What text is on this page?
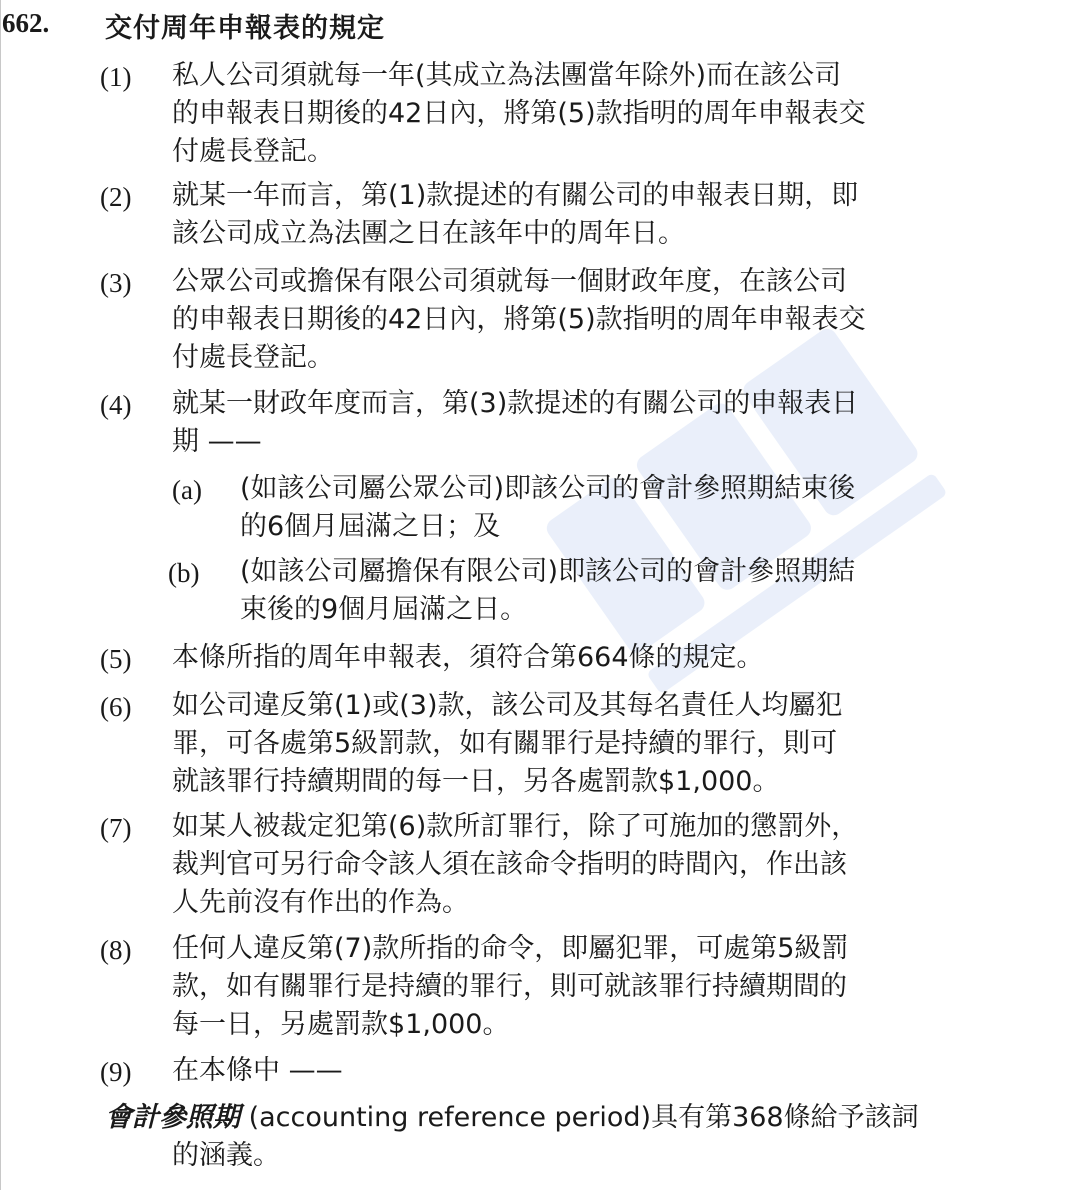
662. 交付周年申報表的規定
(1) 私人公司須就每一年(其成立為法團當年除外)而在該公司
的申報表日期後的42日內，將第(5)款指明的周年申報表交
付處長登記。
(2) 就某一年而言，第(1)款提述的有關公司的申報表日期，即
該公司成立為法團之日在該年中的周年日。
(3) 公眾公司或擔保有限公司須就每一個財政年度，在該公司
的申報表日期後的42日內，將第(5)款指明的周年申報表交
付處長登記。
(4) 就某一財政年度而言，第(3)款提述的有關公司的申報表日
期 ——
(a) (如該公司屬公眾公司)即該公司的會計參照期結束後
的6個月屆滿之日；及
(b) (如該公司屬擔保有限公司)即該公司的會計參照期結
束後的9個月屆滿之日。
(5) 本條所指的周年申報表，須符合第664條的規定。
(6) 如公司違反第(1)或(3)款，該公司及其每名責任人均屬犯
罪，可各處第5級罰款，如有關罪行是持續的罪行，則可
就該罪行持續期間的每一日，另各處罰款$1,000。
(7) 如某人被裁定犯第(6)款所訂罪行，除了可施加的懲罰外，
裁判官可另行命令該人須在該命令指明的時間內，作出該
人先前沒有作出的作為。
(8) 任何人違反第(7)款所指的命令，即屬犯罪，可處第5級罰
款，如有關罪行是持續的罪行，則可就該罪行持續期間的
每一日，另處罰款$1,000。
(9) 在本條中 ——
會計參照期 (accounting reference period)具有第368條給予該詞
的涵義。
